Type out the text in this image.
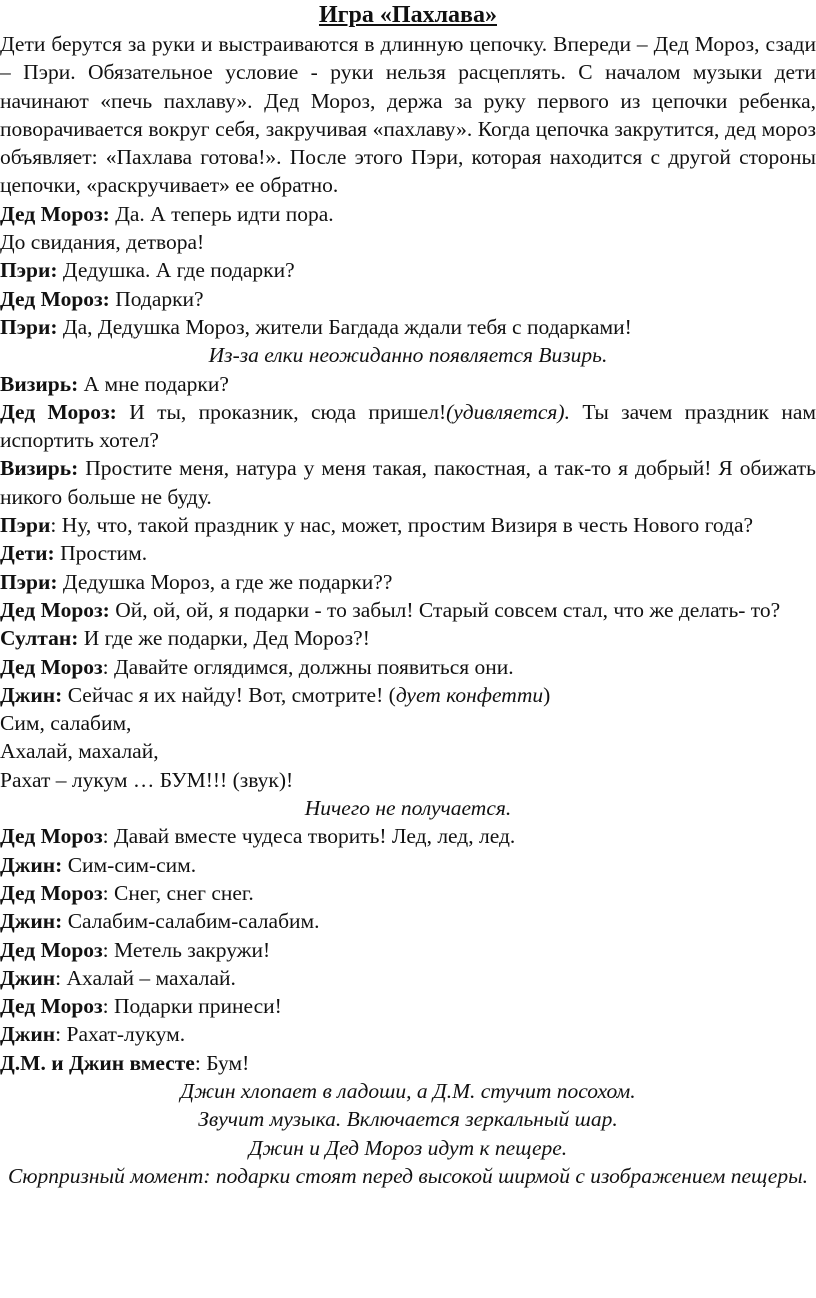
Игра «Пахлава»

Дети берутся за руки и выстраиваются в длинную цепочку. Впереди – Дед Мороз, сзади – Пэри. Обязательное условие - руки нельзя расцеплять. С началом музыки дети начинают «печь пахлаву». Дед Мороз, держа за руку первого из цепочки ребенка, поворачивается вокруг себя, закручивая «пахлаву». Когда цепочка закрутится, дед мороз объявляет: «Пахлава готова!». После этого Пэри, которая находится с другой стороны цепочки, «раскручивает» ее обратно.

Дед Мороз: Да. А теперь идти пора.

До свидания, детвора!

Пэри: Дедушка. А где подарки?

Дед Мороз: Подарки?

Пэри: Да, Дедушка Мороз, жители Багдада ждали тебя с подарками!

Из-за елки неожиданно появляется Визирь.

Визирь: А мне подарки?

Дед Мороз: И ты, проказник, сюда пришел!(удивляется). Ты зачем праздник нам испортить хотел?

Визирь: Простите меня, натура у меня такая, пакостная, а так-то я добрый! Я обижать никого больше не буду.

Пэри: Ну, что, такой праздник у нас, может, простим Визиря в честь Нового года?

Дети: Простим.

Пэри: Дедушка Мороз, а где же подарки??

Дед Мороз: Ой, ой, ой, я подарки - то забыл! Старый совсем стал, что же делать- то?

Султан: И где же подарки, Дед Мороз?!

Дед Мороз: Давайте оглядимся, должны появиться они.

Джин: Сейчас я их найду! Вот, смотрите! (дует конфетти)

Сим, салабим,

Ахалай, махалай,

Рахат – лукум … БУМ!!! (звук)!

Ничего не получается.

Дед Мороз: Давай вместе чудеса творить! Лед, лед, лед.

Джин: Сим-сим-сим.

Дед Мороз: Снег, снег снег.

Джин: Салабим-салабим-салабим.

Дед Мороз: Метель закружи!

Джин: Ахалай – махалай.

Дед Мороз: Подарки принеси!

Джин: Рахат-лукум.

Д.М. и Джин вместе: Бум!

Джин хлопает в ладоши, а Д.М. стучит посохом.

Звучит музыка. Включается зеркальный шар.

Джин и Дед Мороз идут к пещере.

Сюрпризный момент: подарки стоят перед высокой ширмой с изображением пещеры.
